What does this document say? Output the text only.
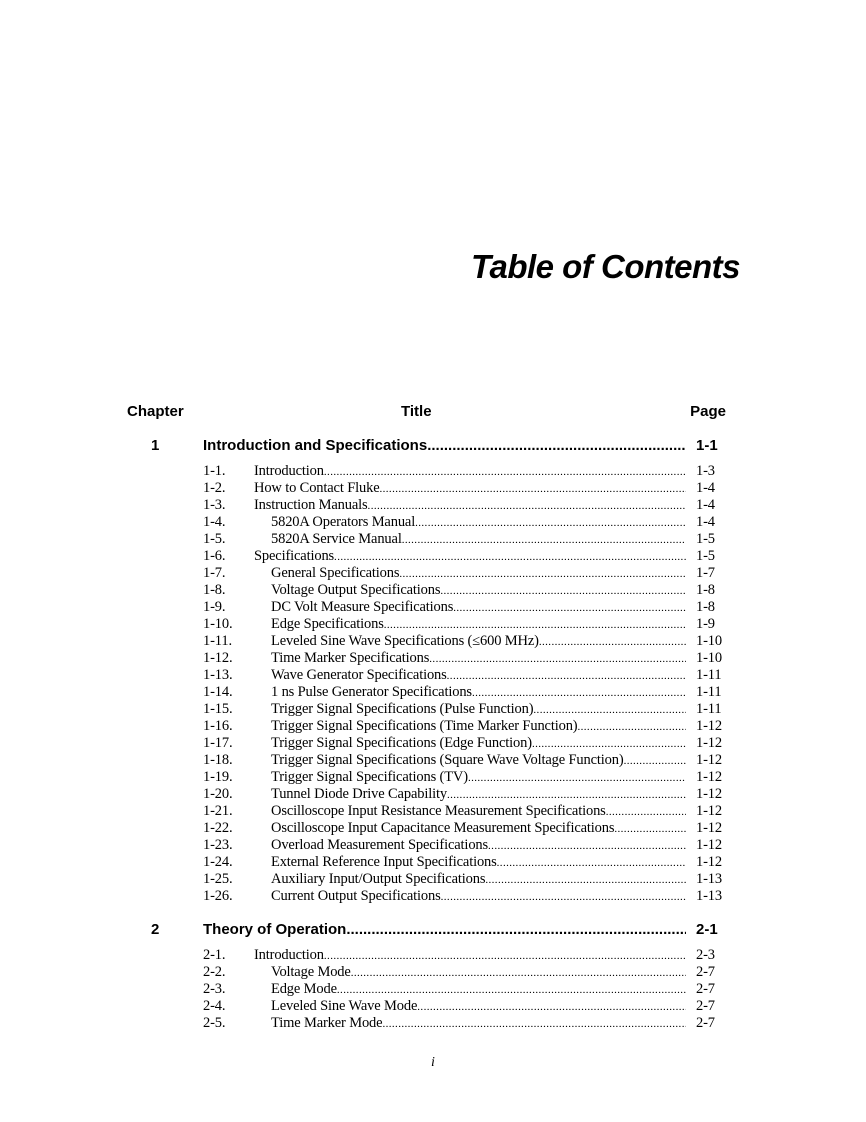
Table of Contents
Chapter	Title	Page
1	Introduction and Specifications .....	1-1
1-1. Introduction .....	1-3
1-2. How to Contact Fluke .....	1-4
1-3. Instruction Manuals .....	1-4
1-4.	5820A Operators Manual .....	1-4
1-5.	5820A Service Manual .....	1-5
1-6. Specifications .....	1-5
1-7.	General Specifications .....	1-7
1-8.	Voltage Output Specifications .....	1-8
1-9.	DC Volt Measure Specifications .....	1-8
1-10.	Edge Specifications .....	1-9
1-11.	Leveled Sine Wave Specifications (≤600 MHz) .....	1-10
1-12.	Time Marker Specifications .....	1-10
1-13.	Wave Generator Specifications .....	1-11
1-14.	1 ns Pulse Generator Specifications .....	1-11
1-15.	Trigger Signal Specifications (Pulse Function) .....	1-11
1-16.	Trigger Signal Specifications (Time Marker Function) .....	1-12
1-17.	Trigger Signal Specifications (Edge Function) .....	1-12
1-18.	Trigger Signal Specifications (Square Wave Voltage Function) .....	1-12
1-19.	Trigger Signal Specifications (TV) .....	1-12
1-20.	Tunnel Diode Drive Capability .....	1-12
1-21.	Oscilloscope Input Resistance Measurement Specifications .....	1-12
1-22.	Oscilloscope Input Capacitance Measurement Specifications .....	1-12
1-23.	Overload Measurement Specifications .....	1-12
1-24.	External Reference Input Specifications .....	1-12
1-25.	Auxiliary Input/Output Specifications .....	1-13
1-26.	Current Output Specifications .....	1-13
2	Theory of Operation .....	2-1
2-1. Introduction .....	2-3
2-2.	Voltage Mode .....	2-7
2-3.	Edge Mode .....	2-7
2-4.	Leveled Sine Wave Mode .....	2-7
2-5.	Time Marker Mode .....	2-7
i
